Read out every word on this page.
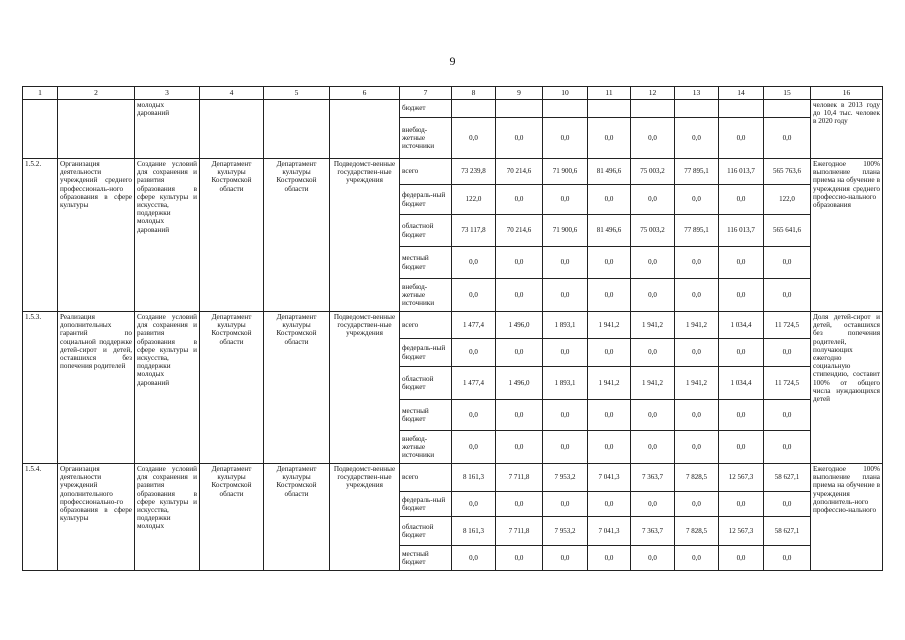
9
1	2	3	4	5	6	7	8	9	10	11	12	13	14	15	16
		молодых дарований				бюджет									человек в 2013 году до 10,4 тыс. человек в 2020 году
						внебюд-жетные источники	0,0	0,0	0,0	0,0	0,0	0,0	0,0	0,0	
1.5.2.	Организация деятельности учреждений среднего профессиональ-ного образования в сфере культуры	Создание условий для сохранения и развития образования в сфере культуры и искусства, поддержки молодых дарований	Департамент культуры Костромской области	Департамент культуры Костромской области	Подведомст-венные государствен-ные учреждения	всего	73 239,8	70 214,6	71 900,6	81 496,6	75 003,2	77 895,1	116 013,7	565 763,6	Ежегодное 100% выполнение плана приема на обучение в учреждения среднего профессио-нального образования
						федераль-ный бюджет	122,0	0,0	0,0	0,0	0,0	0,0	0,0	122,0	
						областной бюджет	73 117,8	70 214,6	71 900,6	81 496,6	75 003,2	77 895,1	116 013,7	565 641,6	
						местный бюджет	0,0	0,0	0,0	0,0	0,0	0,0	0,0	0,0	
						внебюд-жетные источники	0,0	0,0	0,0	0,0	0,0	0,0	0,0	0,0	
1.5.3.	Реализация дополнительных гарантий по социальной поддержке детей-сирот и детей, оставшихся без попечения родителей	Создание условий для сохранения и развития образования в сфере культуры и искусства, поддержки молодых дарований	Департамент культуры Костромской области	Департамент культуры Костромской области	Подведомст-венные государствен-ные учреждения	всего	1 477,4	1 496,0	1 893,1	1 941,2	1 941,2	1 941,2	1 034,4	11 724,5	Доля детей-сирот и детей, оставшихся без попечения родителей, получающих ежегодно социальную стипендию, составит 100% от общего числа нуждающихся детей
						федераль-ный бюджет	0,0	0,0	0,0	0,0	0,0	0,0	0,0	0,0	
						областной бюджет	1 477,4	1 496,0	1 893,1	1 941,2	1 941,2	1 941,2	1 034,4	11 724,5	
						местный бюджет	0,0	0,0	0,0	0,0	0,0	0,0	0,0	0,0	
						внебюд-жетные источники	0,0	0,0	0,0	0,0	0,0	0,0	0,0	0,0	
1.5.4.	Организация деятельности учреждений дополнительного профессионально-го образования в сфере культуры	Создание условий для сохранения и развития образования в сфере культуры и искусства, поддержки молодых	Департамент культуры Костромской области	Департамент культуры Костромской области	Подведомст-венные государствен-ные учреждения	всего	8 161,3	7 711,8	7 953,2	7 041,3	7 363,7	7 828,5	12 567,3	58 627,1	Ежегодное 100% выполнение плана приема на обучение в учреждения дополнитель-ного профессио-нального
						федераль-ный бюджет	0,0	0,0	0,0	0,0	0,0	0,0	0,0	0,0	
						областной бюджет	8 161,3	7 711,8	7 953,2	7 041,3	7 363,7	7 828,5	12 567,3	58 627,1	
						местный бюджет	0,0	0,0	0,0	0,0	0,0	0,0	0,0	0,0	
